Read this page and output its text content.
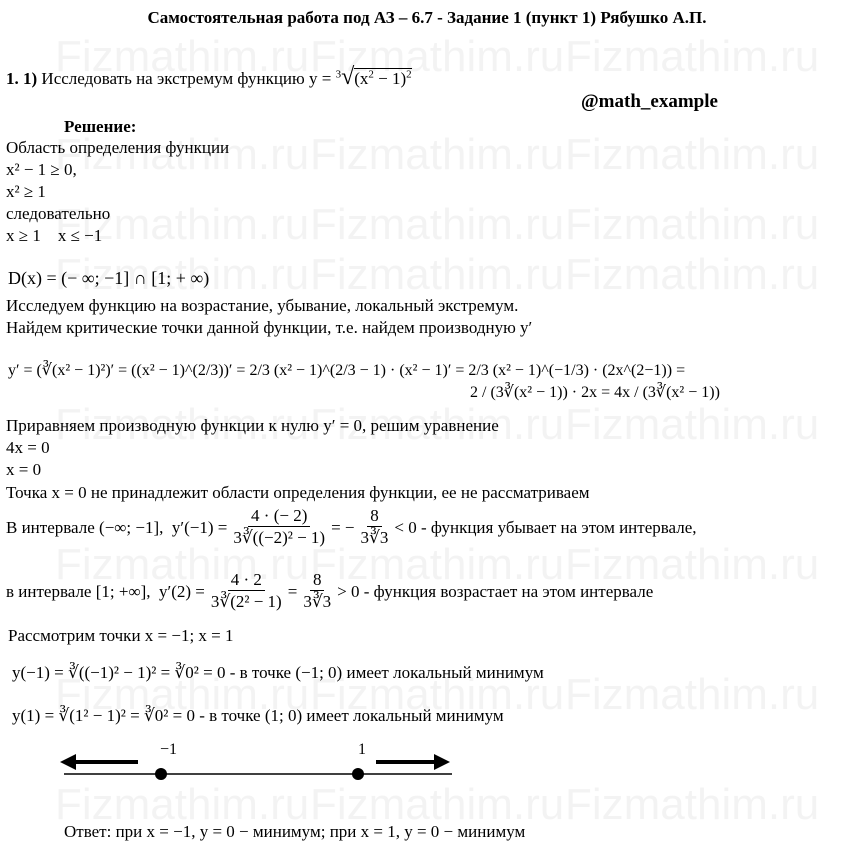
Самостоятельная работа под АЗ – 6.7 - Задание 1 (пункт 1) Рябушко А.П.
1. 1) Исследовать на экстремум функцию $y = ^3√(x^2 - 1)^2$
@math_example
Решение:
Область определения функции
x² − 1 ≥ 0,
x² ≥ 1
следовательно
x ≥ 1    x ≤ −1
D(x) = (− ∞; −1] ∩ [1; + ∞)
Исследуем функцию на возрастание, убывание, локальный экстремум.
Найдем критические точки данной функции, т.е. найдем производную y′
y′ = (∛(x² − 1)²)′ = ((x² − 1)^(2/3))′ = 2/3 (x² − 1)^(2/3 − 1) · (x² − 1)′ = 2/3 (x² − 1)^(−1/3) · (2x^(2−1)) =
2 / (3∛(x² − 1)) · 2x = 4x / (3∛(x² − 1))
Приравняем производную функции к нулю y′ = 0, решим уравнение
4x = 0
x = 0
Точка x = 0 не принадлежит области определения функции, ее не рассматриваем
В интервале (−∞; −1],
$y'(-1) = \frac{4 \cdot (- 2)}{\text{3∛((−2)² − 1)}}$ = − $\frac{8}{3∛3} < 0$ - функция убывает на этом интервале,
в интервале [1; +∞],
$y'(2) = \frac{4 \cdot 2}{\text{3∛(2² − 1)}} = \frac{8}{3∛3} > 0$ - функция возрастает на этом интервале
Рассмотрим точки x = −1; x = 1
y(−1) = ∛((−1)² − 1)² = ∛0² = 0 - в точке (−1; 0) имеет локальный минимум
y(1) = ∛(1² − 1)² = ∛0² = 0 - в точке (1; 0) имеет локальный минимум
−1	1
Ответ: при x = −1, y = 0 − минимум; при x = 1, y = 0 − минимум
